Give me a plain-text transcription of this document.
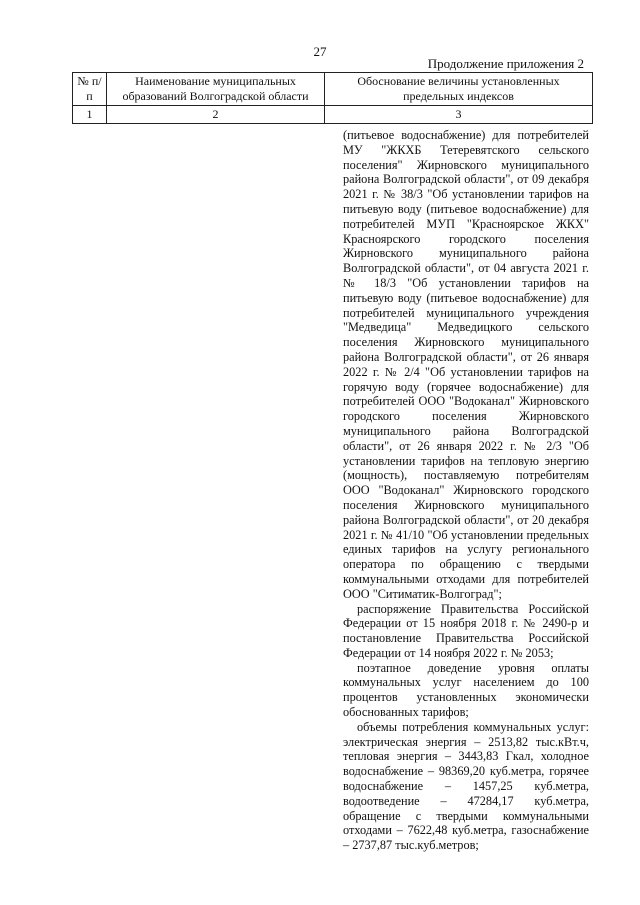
27
Продолжение приложения 2
№ п/п	Наименование муниципальных образований Волгоградской области	Обоснование величины установленных предельных индексов
1	2	3

(питьевое водоснабжение) для потребителей МУ "ЖКХБ Тетеревятского сельского поселения" Жирновского муниципального района Волгоградской области", от 09 декабря 2021 г. № 38/3 "Об установлении тарифов на питьевую воду (питьевое водоснабжение) для потребителей МУП "Красноярское ЖКХ" Красноярского городского поселения Жирновского муниципального района Волгоградской области", от 04 августа 2021 г. № 18/3 "Об установлении тарифов на питьевую воду (питьевое водоснабжение) для потребителей муниципального учреждения "Медведица" Медведицкого сельского поселения Жирновского муниципального района Волгоградской области", от 26 января 2022 г. № 2/4 "Об установлении тарифов на горячую воду (горячее водоснабжение) для потребителей ООО "Водоканал" Жирновского городского поселения Жирновского муниципального района Волгоградской области", от 26 января 2022 г. № 2/3 "Об установлении тарифов на тепловую энергию (мощность), поставляемую потребителям ООО "Водоканал" Жирновского городского поселения Жирновского муниципального района Волгоградской области", от 20 декабря 2021 г. № 41/10 "Об установлении предельных единых тарифов на услугу регионального оператора по обращению с твердыми коммунальными отходами для потребителей ООО "Ситиматик-Волгоград";

распоряжение Правительства Российской Федерации от 15 ноября 2018 г. № 2490-р и постановление Правительства Российской Федерации от 14 ноября 2022 г. № 2053;

поэтапное доведение уровня оплаты коммунальных услуг населением до 100 процентов установленных экономически обоснованных тарифов;

объемы потребления коммунальных услуг: электрическая энергия – 2513,82 тыс.кВт.ч, тепловая энергия – 3443,83 Гкал, холодное водоснабжение – 98369,20 куб.метра, горячее водоснабжение – 1457,25 куб.метра, водоотведение – 47284,17 куб.метра, обращение с твердыми коммунальными отходами – 7622,48 куб.метра, газоснабжение – 2737,87 тыс.куб.метров;
